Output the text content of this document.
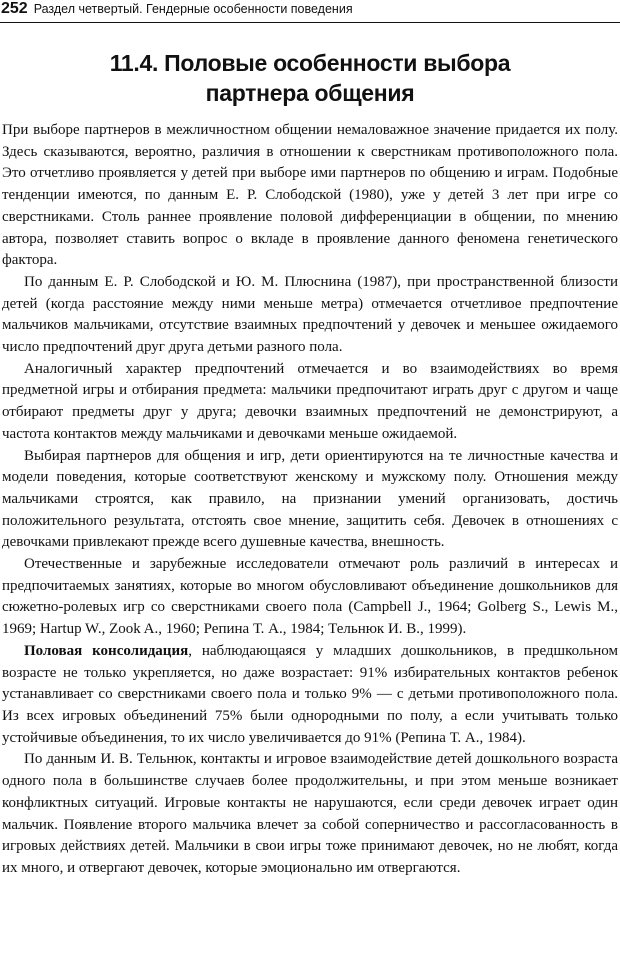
252 Раздел четвертый. Гендерные особенности поведения
11.4. Половые особенности выбора
партнера общения

При выборе партнеров в межличностном общении немаловажное значение придается их полу. Здесь сказываются, вероятно, различия в отношении к сверстникам противоположного пола. Это отчетливо проявляется у детей при выборе ими партнеров по общению и играм. Подобные тенденции имеются, по данным Е. Р. Слободской (1980), уже у детей 3 лет при игре со сверстниками. Столь раннее проявление половой дифференциации в общении, по мнению автора, позволяет ставить вопрос о вкладе в проявление данного феномена генетического фактора.

По данным Е. Р. Слободской и Ю. М. Плюснина (1987), при пространственной близости детей (когда расстояние между ними меньше метра) отмечается отчетливое предпочтение мальчиков мальчиками, отсутствие взаимных предпочтений у девочек и меньшее ожидаемого число предпочтений друг друга детьми разного пола.

Аналогичный характер предпочтений отмечается и во взаимодействиях во время предметной игры и отбирания предмета: мальчики предпочитают играть друг с другом и чаще отбирают предметы друг у друга; девочки взаимных предпочтений не демонстрируют, а частота контактов между мальчиками и девочками меньше ожидаемой.

Выбирая партнеров для общения и игр, дети ориентируются на те личностные качества и модели поведения, которые соответствуют женскому и мужскому полу. Отношения между мальчиками строятся, как правило, на признании умений организовать, достичь положительного результата, отстоять свое мнение, защитить себя. Девочек в отношениях с девочками привлекают прежде всего душевные качества, внешность.

Отечественные и зарубежные исследователи отмечают роль различий в интересах и предпочитаемых занятиях, которые во многом обусловливают объединение дошкольников для сюжетно-ролевых игр со сверстниками своего пола (Campbell J., 1964; Golberg S., Lewis M., 1969; Hartup W., Zook A., 1960; Репина Т. А., 1984; Тельнюк И. В., 1999).

Половая консолидация, наблюдающаяся у младших дошкольников, в предшкольном возрасте не только укрепляется, но даже возрастает: 91% избирательных контактов ребенок устанавливает со сверстниками своего пола и только 9% — с детьми противоположного пола. Из всех игровых объединений 75% были однородными по полу, а если учитывать только устойчивые объединения, то их число увеличивается до 91% (Репина Т. А., 1984).

По данным И. В. Тельнюк, контакты и игровое взаимодействие детей дошкольного возраста одного пола в большинстве случаев более продолжительны, и при этом меньше возникает конфликтных ситуаций. Игровые контакты не нарушаются, если среди девочек играет один мальчик. Появление второго мальчика влечет за собой соперничество и рассогласованность в игровых действиях детей. Мальчики в свои игры тоже принимают девочек, но не любят, когда их много, и отвергают девочек, которые эмоционально им отвергаются.
